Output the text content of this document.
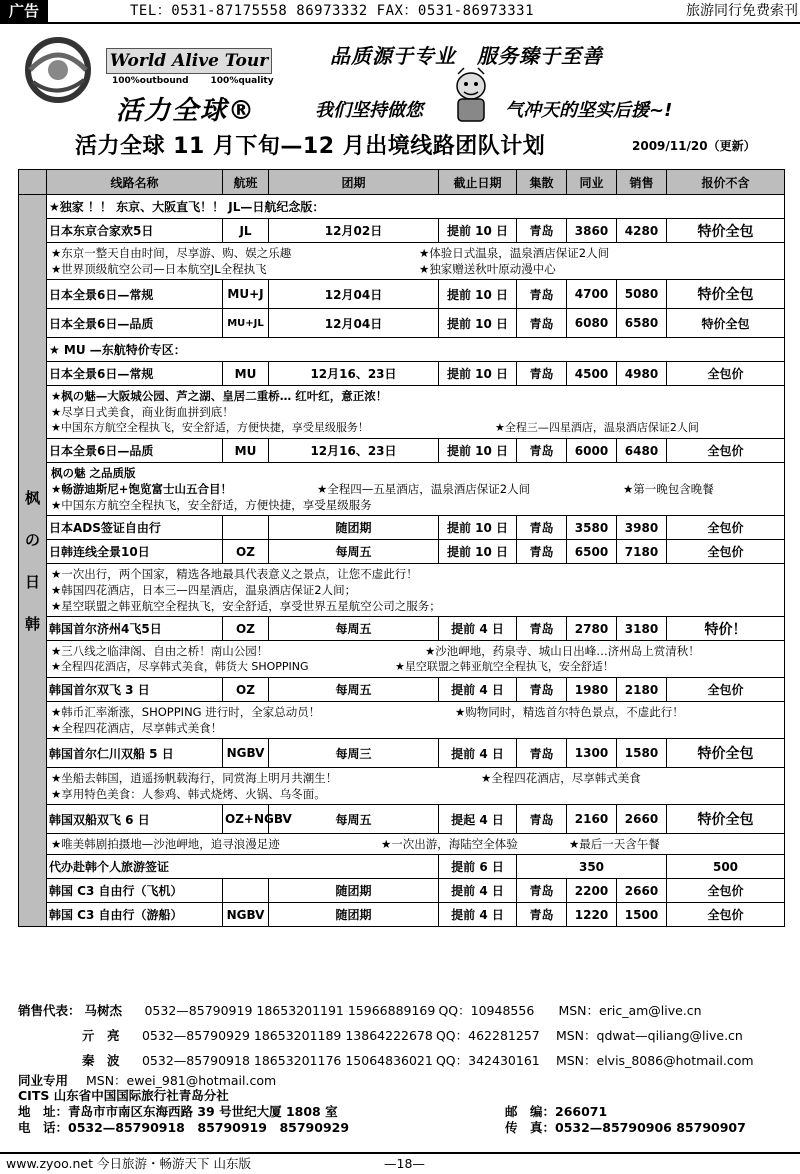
广告	TEL：0531-87175558 86973332 FAX：0531-86973331	旅游同行免费索刊
World Alive Tour
100%outbound 100%quality
活力全球®
品质源于专业　服务臻于至善
我们坚持做您	气冲天的坚实后援~!
活力全球 11 月下旬—12 月出境线路团队计划	2009/11/20（更新）
	线路名称	航班	团期	截止日期	集散	同业	销售	报价不含
枫
の
日
韩	★独家 ！！ 东京、大阪直飞！！ JL—日航纪念版：							
	日本东京合家欢5日	JL	12月02日	提前 10 日	青岛	3860	4280	特价全包

	★东京一整天自由时间，尽享游、购、娱之乐趣 ★体验日式温泉，温泉酒店保证2人间
★世界顶级航空公司—日本航空JL全程执飞 ★独家赠送秋叶原动漫中心							

	日本全景6日—常规	MU+J	12月04日	提前 10 日	青岛	4700	5080	特价全包
	日本全景6日—品质	MU+JL	12月04日	提前 10 日	青岛	6080	6580	特价全包
	★ MU —东航特价专区：							
	日本全景6日—常规	MU	12月16、23日	提前 10 日	青岛	4500	4980	全包价

	★枫の魅—大阪城公园、芦之湖、皇居二重桥… 红叶红，意正浓！
★尽享日式美食，商业街血拼到底！
★中国东方航空全程执飞，安全舒适，方便快捷，享受星级服务！ ★全程三—四星酒店，温泉酒店保证2人间							

	日本全景6日—品质	MU	12月16、23日	提前 10 日	青岛	6000	6480	全包价

	枫の魅 之品质版
★畅游迪斯尼+饱览富士山五合目！ ★全程四—五星酒店，温泉酒店保证2人间 ★第一晚包含晚餐
★中国东方航空全程执飞，安全舒适，方便快捷，享受星级服务							

	日本ADS签证自由行		随团期	提前 10 日	青岛	3580	3980	全包价
	日韩连线全景10日	OZ	每周五	提前 10 日	青岛	6500	7180	全包价

	★一次出行，两个国家，精选各地最具代表意义之景点，让您不虚此行！
★韩国四花酒店，日本三—四星酒店，温泉酒店保证2人间；
★星空联盟之韩亚航空全程执飞，安全舒适，享受世界五星航空公司之服务；							

	韩国首尔济州4飞5日	OZ	每周五	提前 4 日	青岛	2780	3180	特价！

	★三八线之临津阁、自由之桥！南山公园！ ★沙池岬地，药泉寺、城山日出峰…济州岛上赏清秋！
★全程四花酒店，尽享韩式美食，韩货大 SHOPPING ★星空联盟之韩亚航空全程执飞，安全舒适！							

	韩国首尔双飞 3 日	OZ	每周五	提前 4 日	青岛	1980	2180	全包价

	★韩币汇率渐涨，SHOPPING 进行时，全家总动员！ ★购物同时，精选首尔特色景点，不虚此行！
★全程四花酒店，尽享韩式美食！							

	韩国首尔仁川双船 5 日	NGBV	每周三	提前 4 日	青岛	1300	1580	特价全包

	★坐船去韩国，逍遥扬帆载海行，同赏海上明月共潮生！ ★全程四花酒店，尽享韩式美食
★享用特色美食：人参鸡、韩式烧烤、火锅、乌冬面。							

	韩国双船双飞 6 日	OZ+NGBV	每周五	提起 4 日	青岛	2160	2660	特价全包

	★唯美韩剧拍摄地—沙池岬地，追寻浪漫足迹 ★一次出游，海陆空全体验 ★最后一天含午餐							

	代办赴韩个人旅游签证			提前 6 日	350			500
	韩国 C3 自由行（飞机）		随团期	提前 4 日	青岛	2200	2660	全包价
	韩国 C3 自由行（游船）	NGBV	随团期	提前 4 日	青岛	1220	1500	全包价
销售代表： 马树杰 0532—85790919 18653201191 15966889169 QQ：10948556 MSN：eric_am@live.cn
亓　亮 0532—85790929 18653201189 13864222678 QQ：462281257 MSN：qdwat—qiliang@live.cn
秦　波 0532—85790918 18653201176 15064836021 QQ：342430161 MSN：elvis_8086@hotmail.com
同业专用 MSN：ewei_981@hotmail.com
CITS 山东省中国国际旅行社青岛分社
地　址：青岛市市南区东海西路 39 号世纪大厦 1808 室	邮　编：266071
电　话：0532—85790918　85790919　85790929	传　真：0532—85790906 85790907
www.zyoo.net 今日旅游・畅游天下 山东版	—18—
